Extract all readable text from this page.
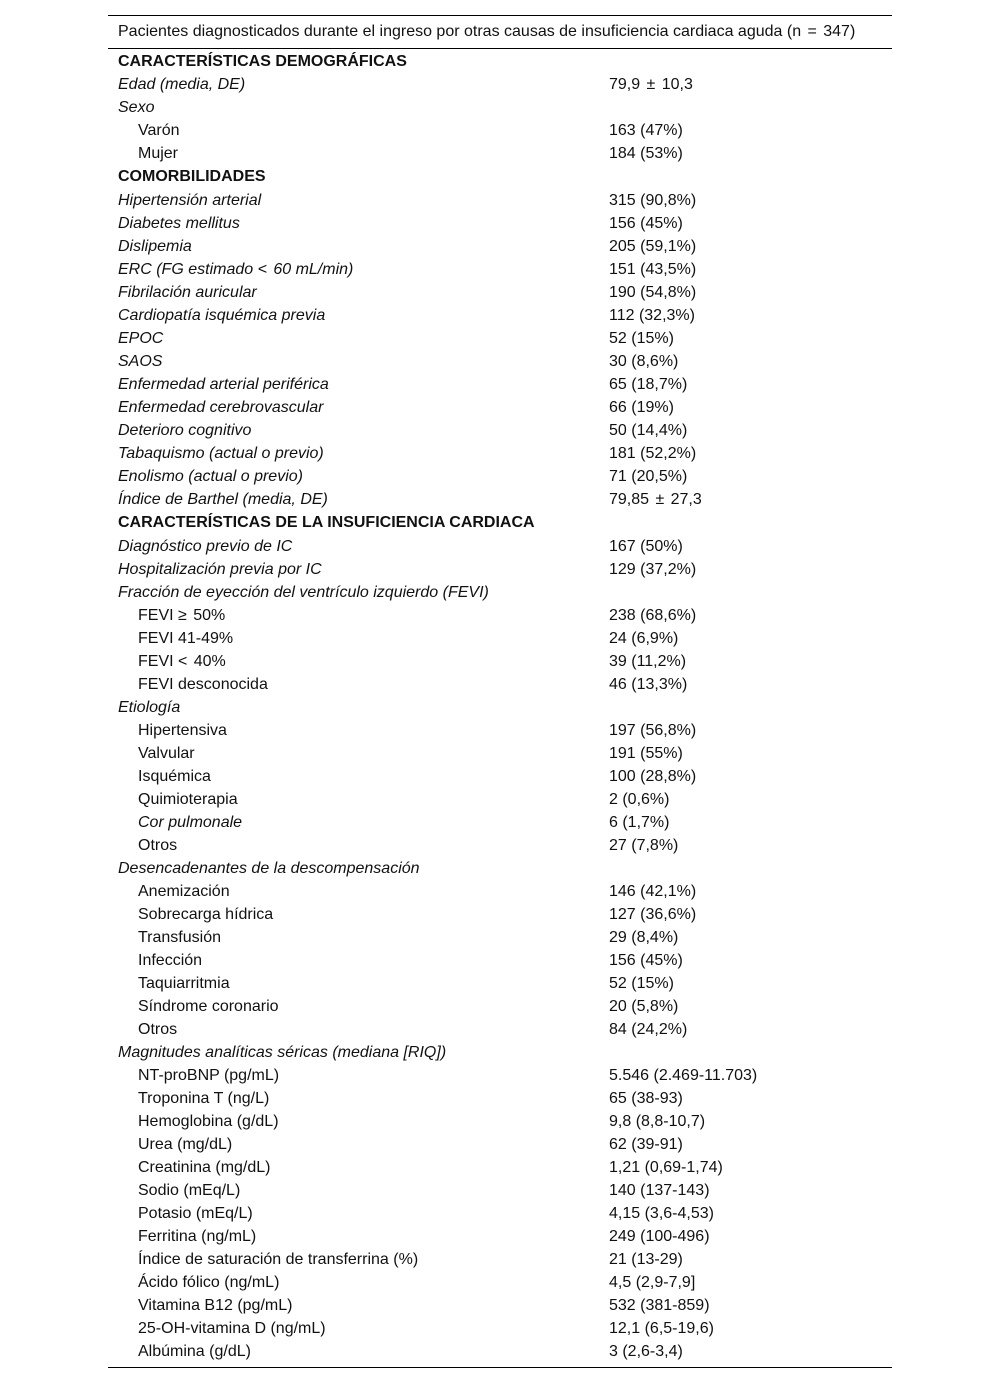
Pacientes diagnosticados durante el ingreso por otras causas de insuficiencia cardiaca aguda (n  =  347)
CARACTERÍSTICAS DEMOGRÁFICAS
Edad (media, DE)	79,9  ±  10,3
Sexo
Varón	163 (47%)
Mujer	184 (53%)
COMORBILIDADES
Hipertensión arterial	315 (90,8%)
Diabetes mellitus	156 (45%)
Dislipemia	205 (59,1%)
ERC (FG estimado <  60 mL/min)	151 (43,5%)
Fibrilación auricular	190 (54,8%)
Cardiopatía isquémica previa	112 (32,3%)
EPOC	52 (15%)
SAOS	30 (8,6%)
Enfermedad arterial periférica	65 (18,7%)
Enfermedad cerebrovascular	66 (19%)
Deterioro cognitivo	50 (14,4%)
Tabaquismo (actual o previo)	181 (52,2%)
Enolismo (actual o previo)	71 (20,5%)
Índice de Barthel (media, DE)	79,85  ±  27,3
CARACTERÍSTICAS DE LA INSUFICIENCIA CARDIACA
Diagnóstico previo de IC	167 (50%)
Hospitalización previa por IC	129 (37,2%)
Fracción de eyección del ventrículo izquierdo (FEVI)
FEVI ≥  50%	238 (68,6%)
FEVI 41-49%	24 (6,9%)
FEVI <  40%	39 (11,2%)
FEVI desconocida	46 (13,3%)
Etiología
Hipertensiva	197 (56,8%)
Valvular	191 (55%)
Isquémica	100 (28,8%)
Quimioterapia	2 (0,6%)
Cor pulmonale	6 (1,7%)
Otros	27 (7,8%)
Desencadenantes de la descompensación
Anemización	146 (42,1%)
Sobrecarga hídrica	127 (36,6%)
Transfusión	29 (8,4%)
Infección	156 (45%)
Taquiarritmia	52 (15%)
Síndrome coronario	20 (5,8%)
Otros	84 (24,2%)
Magnitudes analíticas séricas (mediana [RIQ])
NT-proBNP (pg/mL)	5.546 (2.469-11.703)
Troponina T (ng/L)	65 (38-93)
Hemoglobina (g/dL)	9,8 (8,8-10,7)
Urea (mg/dL)	62 (39-91)
Creatinina (mg/dL)	1,21 (0,69-1,74)
Sodio (mEq/L)	140 (137-143)
Potasio (mEq/L)	4,15 (3,6-4,53)
Ferritina (ng/mL)	249 (100-496)
Índice de saturación de transferrina (%)	21 (13-29)
Ácido fólico (ng/mL)	4,5 (2,9-7,9]
Vitamina B12 (pg/mL)	532 (381-859)
25-OH-vitamina D (ng/mL)	12,1 (6,5-19,6)
Albúmina (g/dL)	3 (2,6-3,4)
